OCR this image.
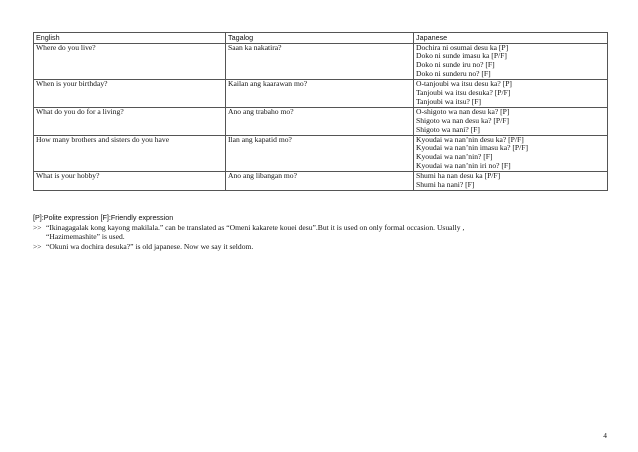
English	Tagalog	Japanese
Where do you live?	Saan ka nakatira?	Dochira ni osumai desu ka [P]
Doko ni sunde imasu ka [P/F]
Doko ni sunde iru no? [F]
Doko ni sunderu no? [F]

When is your birthday?	Kailan ang kaarawan mo?	O-tanjoubi wa itsu desu ka? [P]
Tanjoubi wa itsu desuka? [P/F]
Tanjoubi wa itsu? [F]

What do you do for a living?	Ano ang trabaho mo?	O-shigoto wa nan desu ka? [P]
Shigoto wa nan desu ka? [P/F]
Shigoto wa nani? [F]

How many brothers and sisters do you have	Ilan ang kapatid mo?	Kyoudai wa nan’nin desu ka? [P/F]
Kyoudai wa nan’nin imasu ka? [P/F]
Kyoudai wa nan’nin? [F]
Kyoudai wa nan’nin iri no? [F]

What is your hobby?	Ano ang libangan mo?	Shumi ha nan desu ka [P/F]
Shumi ha nani? [F]
[P]:Polite expression [F]:Friendly expression
>> “Ikinagagalak kong kayong makilala.” can be translated as “Omeni kakarete kouei desu”.But it is used on only formal occasion. Usually ,
“Hazimemashite” is used.
>> “Okuni wa dochira desuka?” is old japanese. Now we say it seldom.
4
